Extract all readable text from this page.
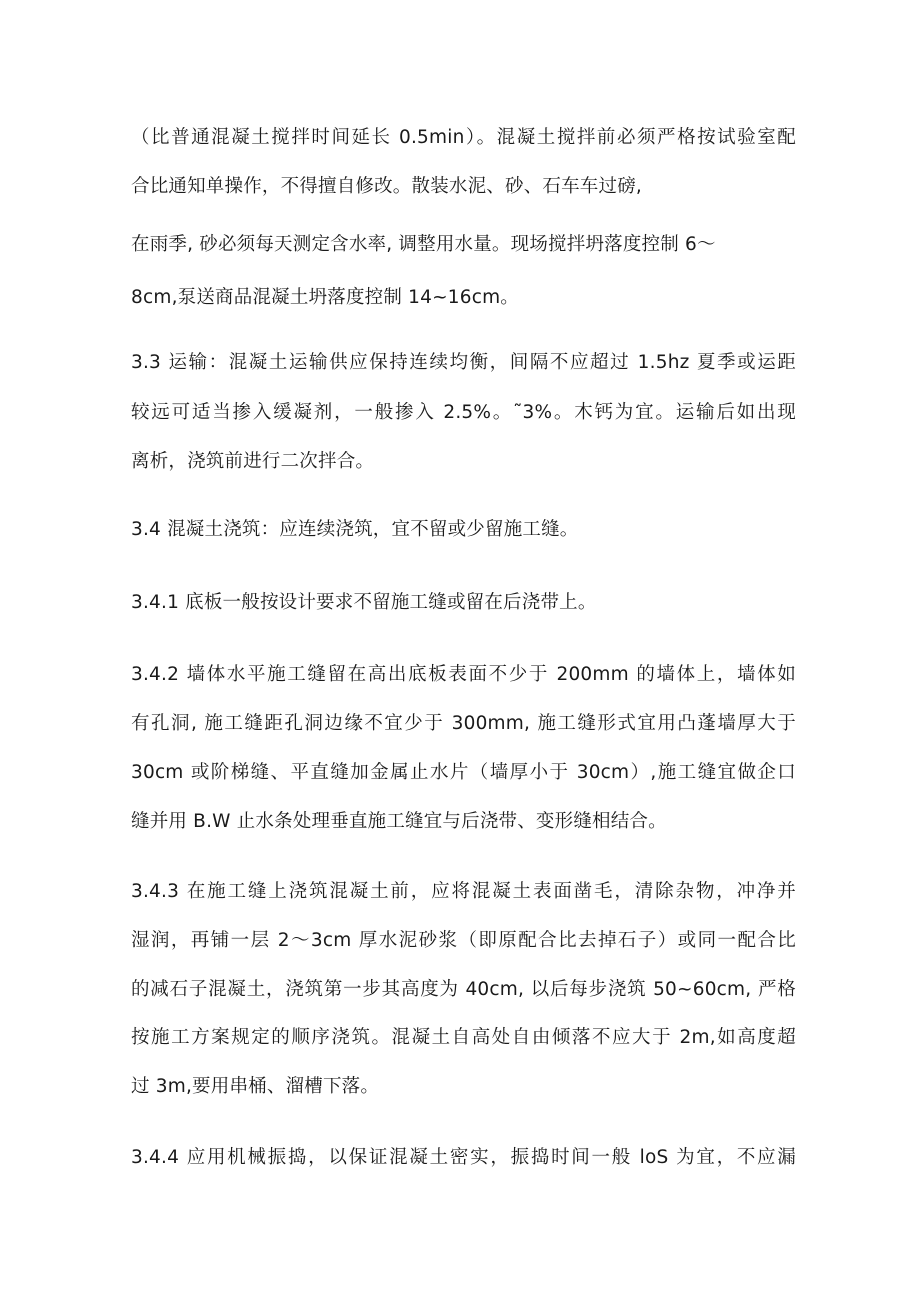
（比普通混凝土搅拌时间延长 0.5min）。混凝土搅拌前必须严格按试验室配
合比通知单操作，不得擅自修改。散装水泥、砂、石车车过磅,
在雨季, 砂必须每天测定含水率, 调整用水量。现场搅拌坍落度控制 6～
8cm,泵送商品混凝土坍落度控制 14~16cm。
3.3 运输：混凝土运输供应保持连续均衡，间隔不应超过 1.5hz 夏季或运距
较远可适当掺入缓凝剂，一般掺入 2.5%。˜3%。木钙为宜。运输后如出现
离析，浇筑前进行二次拌合。
3.4 混凝土浇筑：应连续浇筑，宜不留或少留施工缝。
3.4.1 底板一般按设计要求不留施工缝或留在后浇带上。
3.4.2 墙体水平施工缝留在高出底板表面不少于 200mm 的墙体上，墙体如
有孔洞, 施工缝距孔洞边缘不宜少于 300mm, 施工缝形式宜用凸蓬墙厚大于
30cm 或阶梯缝、平直缝加金属止水片（墙厚小于 30cm）,施工缝宜做企口
缝并用 B.W 止水条处理垂直施工缝宜与后浇带、变形缝相结合。
3.4.3 在施工缝上浇筑混凝土前，应将混凝土表面凿毛，清除杂物，冲净并
湿润，再铺一层 2～3cm 厚水泥砂浆（即原配合比去掉石子）或同一配合比
的减石子混凝土，浇筑第一步其高度为 40cm, 以后每步浇筑 50~60cm, 严格
按施工方案规定的顺序浇筑。混凝土自高处自由倾落不应大于 2m,如高度超
过 3m,要用串桶、溜槽下落。
3.4.4 应用机械振捣，以保证混凝土密实，振捣时间一般 loS 为宜，不应漏
